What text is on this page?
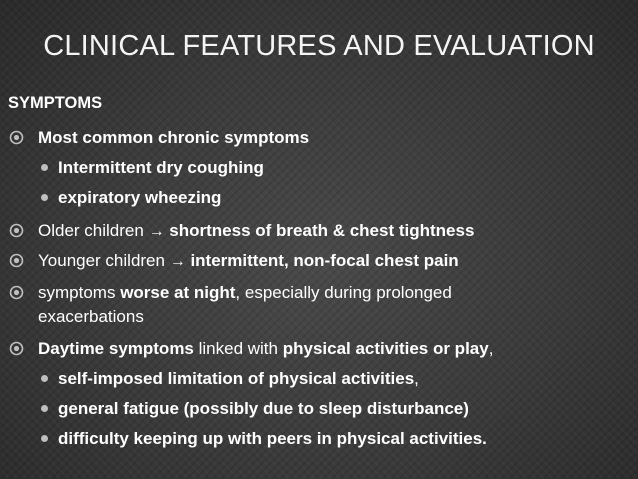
CLINICAL FEATURES AND EVALUATION
SYMPTOMS
Most common chronic symptoms
Intermittent dry coughing
expiratory wheezing
Older children → shortness of breath & chest tightness
Younger children → intermittent, non-focal chest pain
symptoms worse at night, especially during prolonged
exacerbations
Daytime symptoms linked with physical activities or play,
self-imposed limitation of physical activities,
general fatigue (possibly due to sleep disturbance)
difficulty keeping up with peers in physical activities.
